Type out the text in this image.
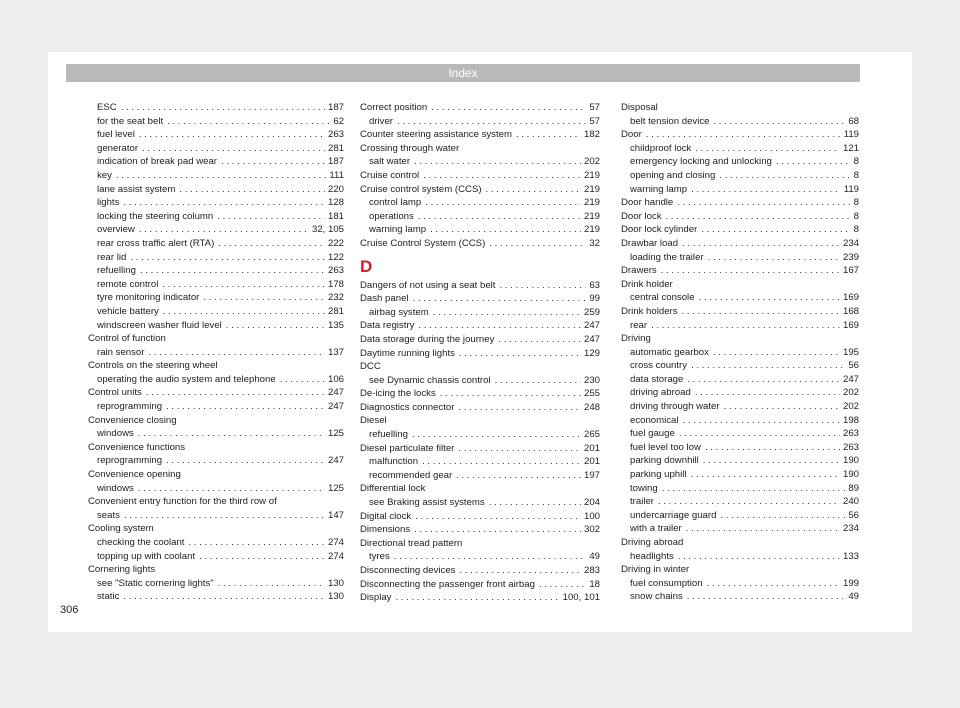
Index
ESC . . .	187
for the seat belt . . .	62
fuel level . . .	263
generator . . .	281
indication of break pad wear . . .	187
key . . .	111
lane assist system . . .	220
lights . . .	128
locking the steering column . . .	181
overview . . .	32, 105
rear cross traffic alert (RTA) . . .	222
rear lid . . .	122
refuelling . . .	263
remote control . . .	178
tyre monitoring indicator . . .	232
vehicle battery . . .	281
windscreen washer fluid level . . .	135
Control of function
rain sensor . . .	137
Controls on the steering wheel
operating the audio system and telephone . . .	106
Control units . . .	247
reprogramming . . .	247
Convenience closing
windows . . .	125
Convenience functions
reprogramming . . .	247
Convenience opening
windows . . .	125
Convenient entry function for the third row of
seats . . .	147
Cooling system
checking the coolant . . .	274
topping up with coolant . . .	274
Cornering lights
see "Static cornering lights" . . .	130
static . . .	130
Correct position . . .	57
driver . . .	57
Counter steering assistance system . . .	182
Crossing through water
salt water . . .	202
Cruise control . . .	219
Cruise control system (CCS) . . .	219
control lamp . . .	219
operations . . .	219
warning lamp . . .	219
Cruise Control System (CCS) . . .	32
D
Dangers of not using a seat belt . . .	63
Dash panel . . .	99
airbag system . . .	259
Data registry . . .	247
Data storage during the journey . . .	247
Daytime running lights . . .	129
DCC
see Dynamic chassis control . . .	230
De-icing the locks . . .	255
Diagnostics connector . . .	248
Diesel
refuelling . . .	265
Diesel particulate filter . . .	201
malfunction . . .	201
recommended gear . . .	197
Differential lock
see Braking assist systems . . .	204
Digital clock . . .	100
Dimensions . . .	302
Directional tread pattern
tyres . . .	49
Disconnecting devices . . .	283
Disconnecting the passenger front airbag . . .	18
Display . . .	100, 101
Disposal
belt tension device . . .	68
Door . . .	119
childproof lock . . .	121
emergency locking and unlocking . . .	8
opening and closing . . .	8
warning lamp . . .	119
Door handle . . .	8
Door lock . . .	8
Door lock cylinder . . .	8
Drawbar load . . .	234
loading the trailer . . .	239
Drawers . . .	167
Drink holder
central console . . .	169
Drink holders . . .	168
rear . . .	169
Driving
automatic gearbox . . .	195
cross country . . .	56
data storage . . .	247
driving abroad . . .	202
driving through water . . .	202
economical . . .	198
fuel gauge . . .	263
fuel level too low . . .	263
parking downhill . . .	190
parking uphill . . .	190
towing . . .	89
trailer . . .	240
undercarriage guard . . .	56
with a trailer . . .	234
Driving abroad
headlights . . .	133
Driving in winter
fuel consumption . . .	199
snow chains . . .	49
306
